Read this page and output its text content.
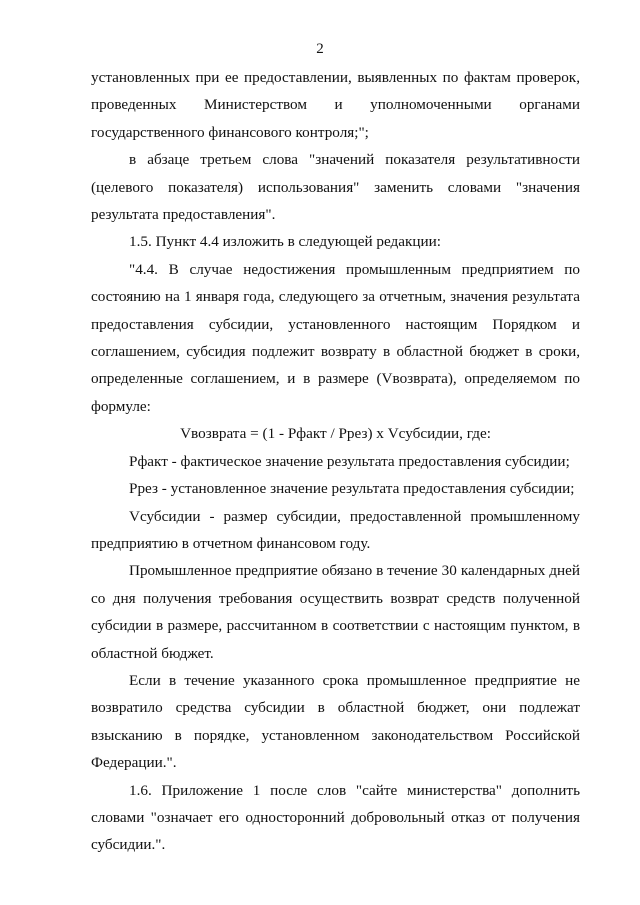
2

установленных при ее предоставлении, выявленных по фактам проверок, проведенных Министерством и уполномоченными органами государственного финансового контроля;";

в абзаце третьем слова "значений показателя результативности (целевого показателя) использования" заменить словами "значения результата предоставления".

1.5. Пункт 4.4 изложить в следующей редакции:

"4.4. В случае недостижения промышленным предприятием по состоянию на 1 января года, следующего за отчетным, значения результата предоставления субсидии, установленного настоящим Порядком и соглашением, субсидия подлежит возврату в областной бюджет в сроки, определенные соглашением, и в размере (Vвозврата), определяемом по формуле:

Vвозврата = (1 - Рфакт / Ррез) х Vсубсидии, где:

Рфакт - фактическое значение результата предоставления субсидии;

Ррез - установленное значение результата предоставления субсидии;

Vсубсидии - размер субсидии, предоставленной промышленному предприятию в отчетном финансовом году.

Промышленное предприятие обязано в течение 30 календарных дней со дня получения требования осуществить возврат средств полученной субсидии в размере, рассчитанном в соответствии с настоящим пунктом, в областной бюджет.

Если в течение указанного срока промышленное предприятие не возвратило средства субсидии в областной бюджет, они подлежат взысканию в порядке, установленном законодательством Российской Федерации.".

1.6. Приложение 1 после слов "сайте министерства" дополнить словами "означает его односторонний добровольный отказ от получения субсидии.".
